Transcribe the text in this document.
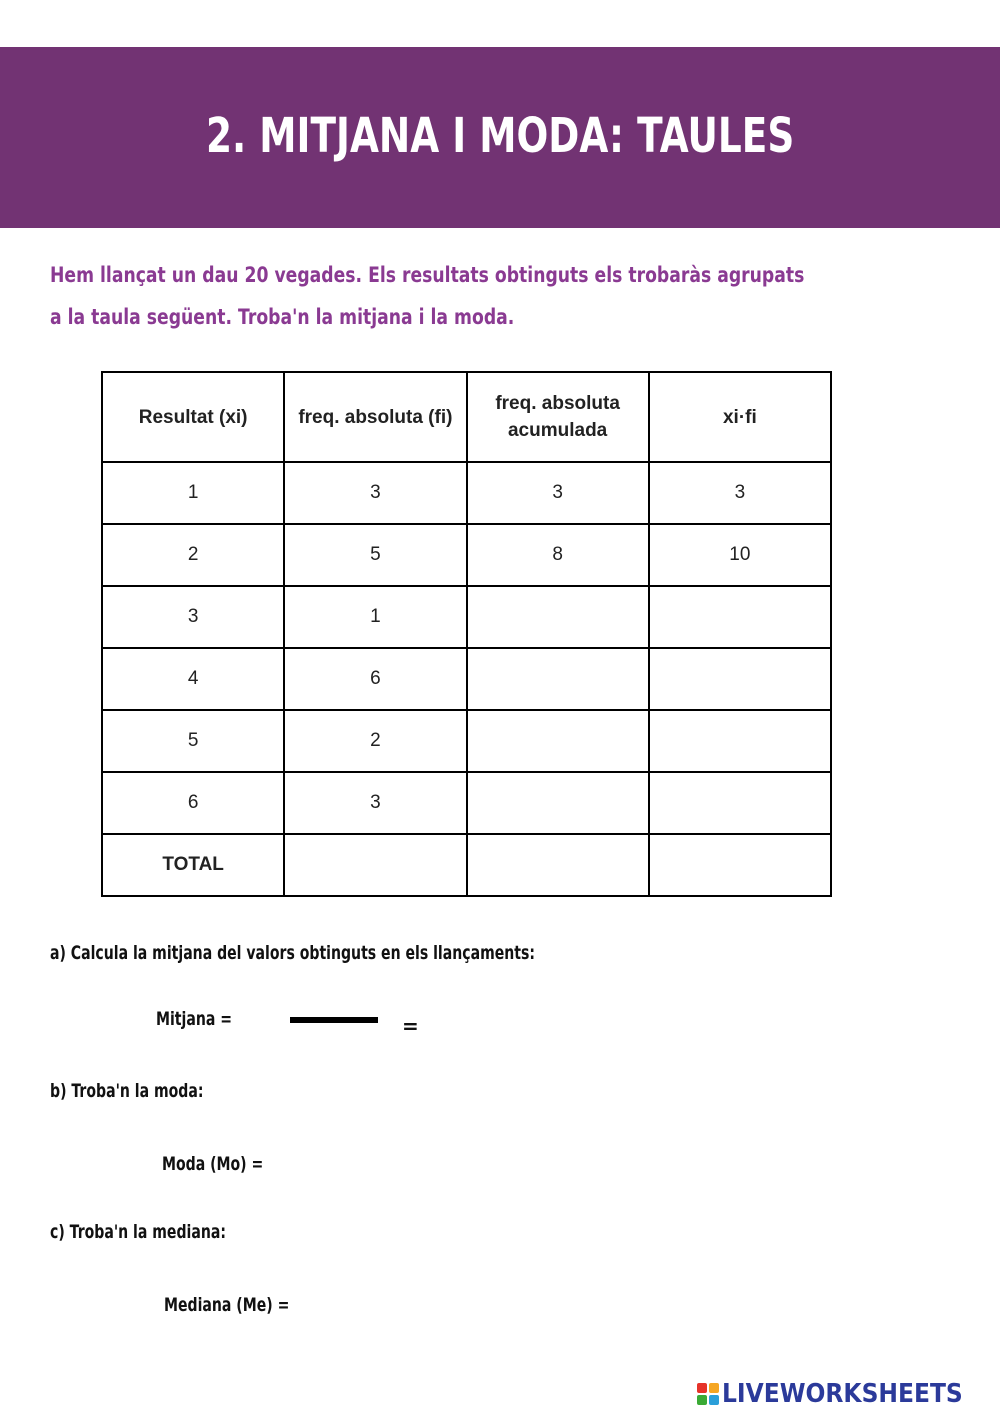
2. MITJANA I MODA: TAULES
Hem llançat un dau 20 vegades. Els resultats obtinguts els trobaràs agrupats
a la taula següent. Troba'n la mitjana i la moda.
Resultat (xi)	freq. absoluta (fi)	freq. absoluta acumulada	xi·fi
1	3	3	3
2	5	8	10
3	1		
4	6		
5	2		
6	3		
TOTAL			
a) Calcula la mitjana del valors obtinguts en els llançaments:
Mitjana =	=
b) Troba'n la moda:
Moda (Mo) =
c) Troba'n la mediana:
Mediana (Me) =
LIVEWORKSHEETS
